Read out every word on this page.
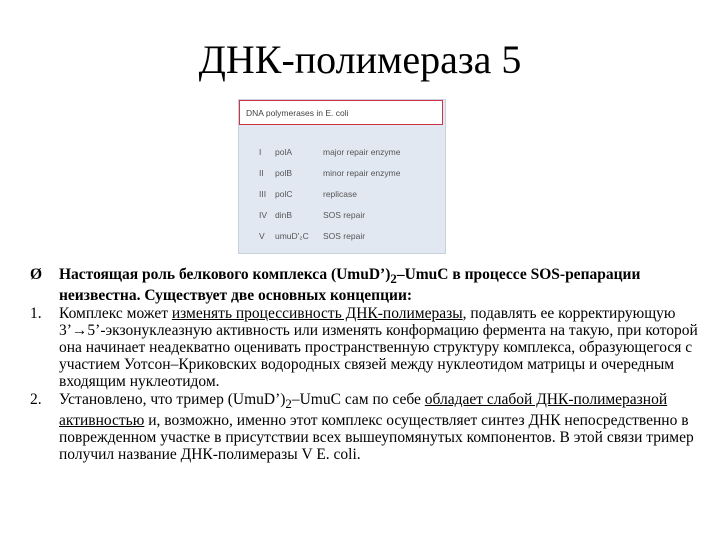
ДНК-полимераза 5
DNA polymerases in E. coli
I	polA	major repair enzyme
II	polB	minor repair enzyme
III	polC	replicase
IV dinB	SOS repair
V	umuD'₂C	SOS repair
Ø Настоящая роль белкового комплекса $(UmuD’)_2$–UmuC в процессе SOS-репарации неизвестна. Существует две основных концепции:
1. Комплекс может изменять процессивность ДНК-полимеразы, подавлять ее корректирующую 3’→5’-экзонуклеазную активность или изменять конформацию фермента на такую, при которой она начинает неадекватно оценивать пространственную структуру комплекса, образующегося с участием Уотсон–Криковских водородных связей между нуклеотидом матрицы и очередным входящим нуклеотидом.
2. Установлено, что тример $(UmuD’)_2$–UmuC сам по себе обладает слабой ДНК-полимеразной активностью и, возможно, именно этот комплекс осуществляет синтез ДНК непосредственно в поврежденном участке в присутствии всех вышеупомянутых компонентов. В этой связи тример получил название ДНК-полимеразы V E. coli.
